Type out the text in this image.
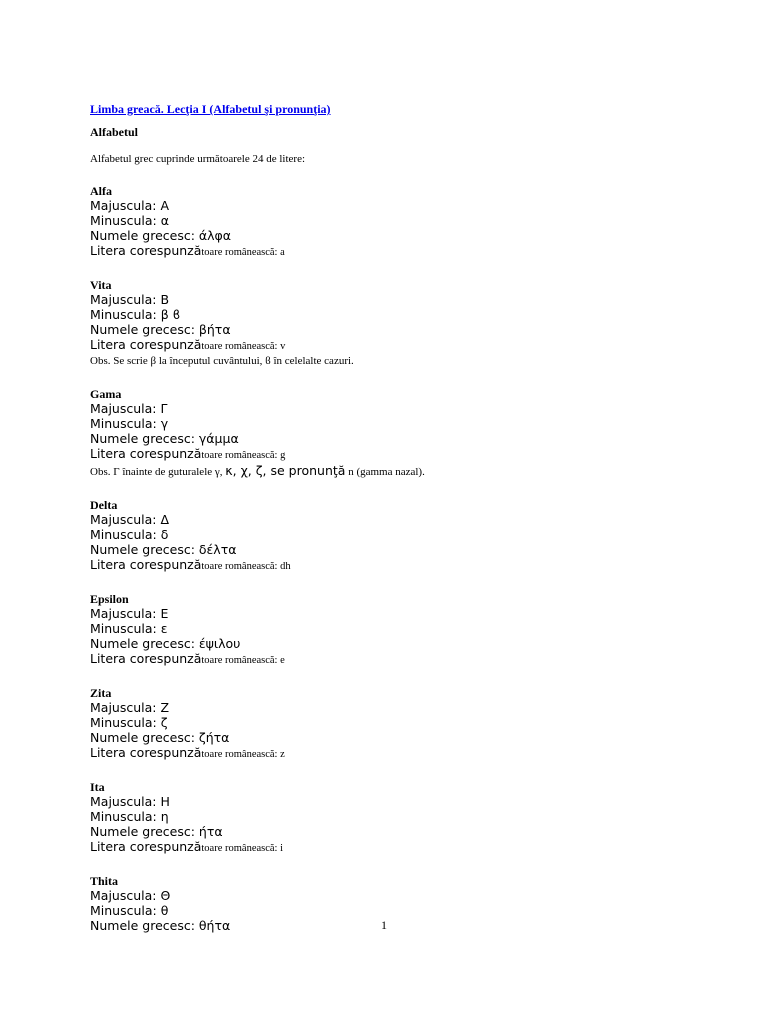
Limba greacă. Lecţia I (Alfabetul şi pronunţia)
Alfabetul
Alfabetul grec cuprinde următoarele 24 de litere:
Alfa
Majuscula: Α
Minuscula: α
Numele grecesc: άλφα
Litera corespunzătoare românească: a
Vita
Majuscula: Β
Minuscula: β ϐ
Numele grecesc: βήτα
Litera corespunzătoare românească: v
Obs. Se scrie β la începutul cuvântului, ϐ în celelalte cazuri.
Gama
Majuscula: Γ
Minuscula: γ
Numele grecesc: γάμμα
Litera corespunzătoare românească: g
Obs. Γ înainte de guturalele γ, κ, χ, ζ, se pronunţă n (gamma nazal).
Delta
Majuscula: Δ
Minuscula: δ
Numele grecesc: δέλτα
Litera corespunzătoare românească: dh
Epsilon
Majuscula: Ε
Minuscula: ε
Numele grecesc: έψιλου
Litera corespunzătoare românească: e
Zita
Majuscula: Ζ
Minuscula: ζ
Numele grecesc: ζήτα
Litera corespunzătoare românească: z
Ita
Majuscula: Η
Minuscula: η
Numele grecesc: ήτα
Litera corespunzătoare românească: i
Thita
Majuscula: Θ
Minuscula: θ
Numele grecesc: θήτα	1
